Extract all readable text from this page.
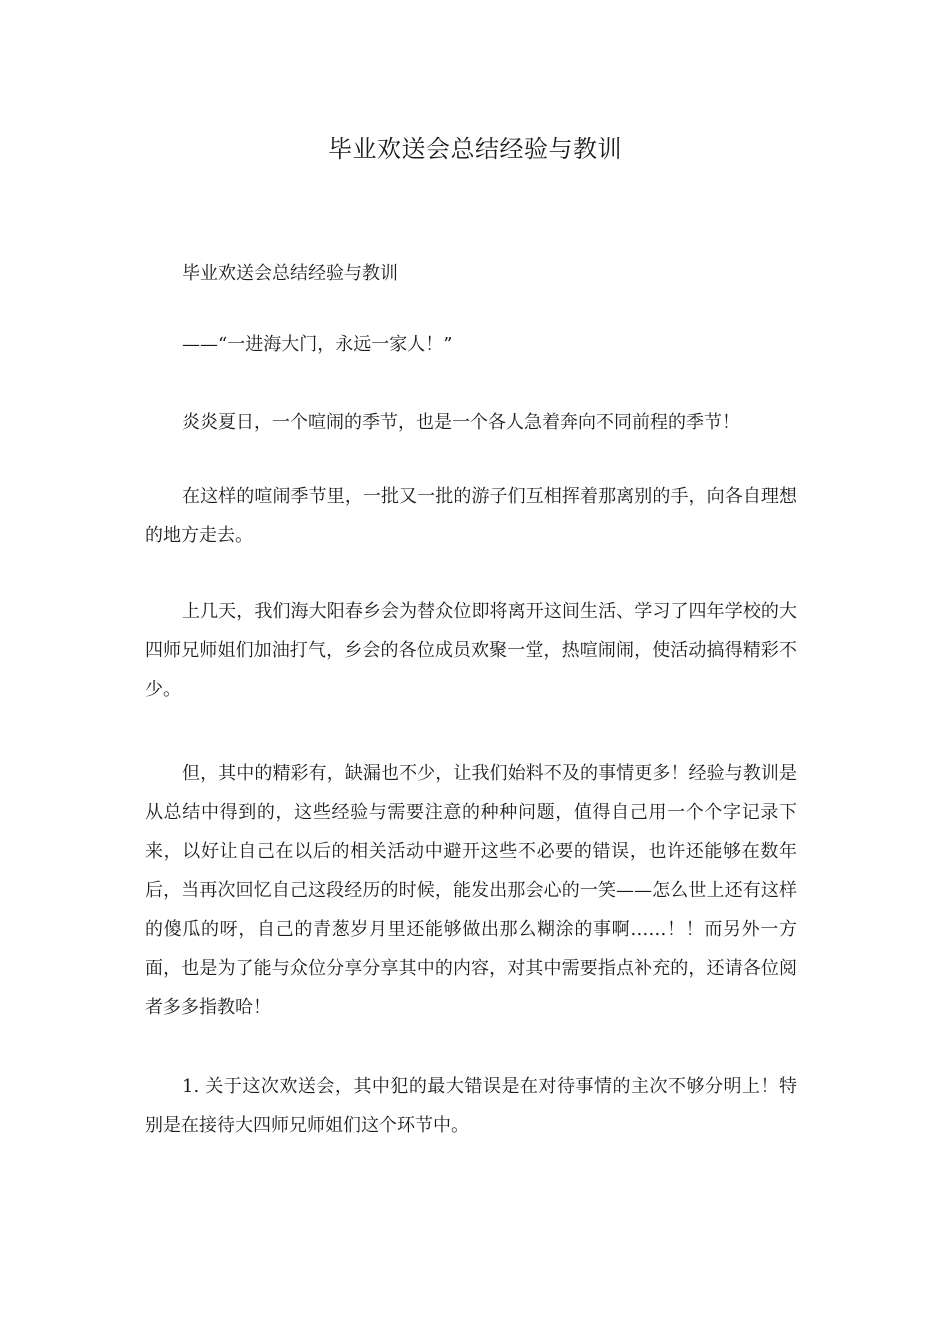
毕业欢送会总结经验与教训

毕业欢送会总结经验与教训

——“一进海大门，永远一家人！”

炎炎夏日，一个喧闹的季节，也是一个各人急着奔向不同前程的季节！

在这样的喧闹季节里，一批又一批的游子们互相挥着那离别的手，向各自理想的地方走去。

上几天，我们海大阳春乡会为替众位即将离开这间生活、学习了四年学校的大四师兄师姐们加油打气，乡会的各位成员欢聚一堂，热喧闹闹，使活动搞得精彩不少。

但，其中的精彩有，缺漏也不少，让我们始料不及的事情更多！经验与教训是从总结中得到的，这些经验与需要注意的种种问题，值得自己用一个个字记录下来，以好让自己在以后的相关活动中避开这些不必要的错误，也许还能够在数年后，当再次回忆自己这段经历的时候，能发出那会心的一笑——怎么世上还有这样的傻瓜的呀，自己的青葱岁月里还能够做出那么糊涂的事啊……！！而另外一方面，也是为了能与众位分享分享其中的内容，对其中需要指点补充的，还请各位阅者多多指教哈！

1. 关于这次欢送会，其中犯的最大错误是在对待事情的主次不够分明上！特别是在接待大四师兄师姐们这个环节中。
